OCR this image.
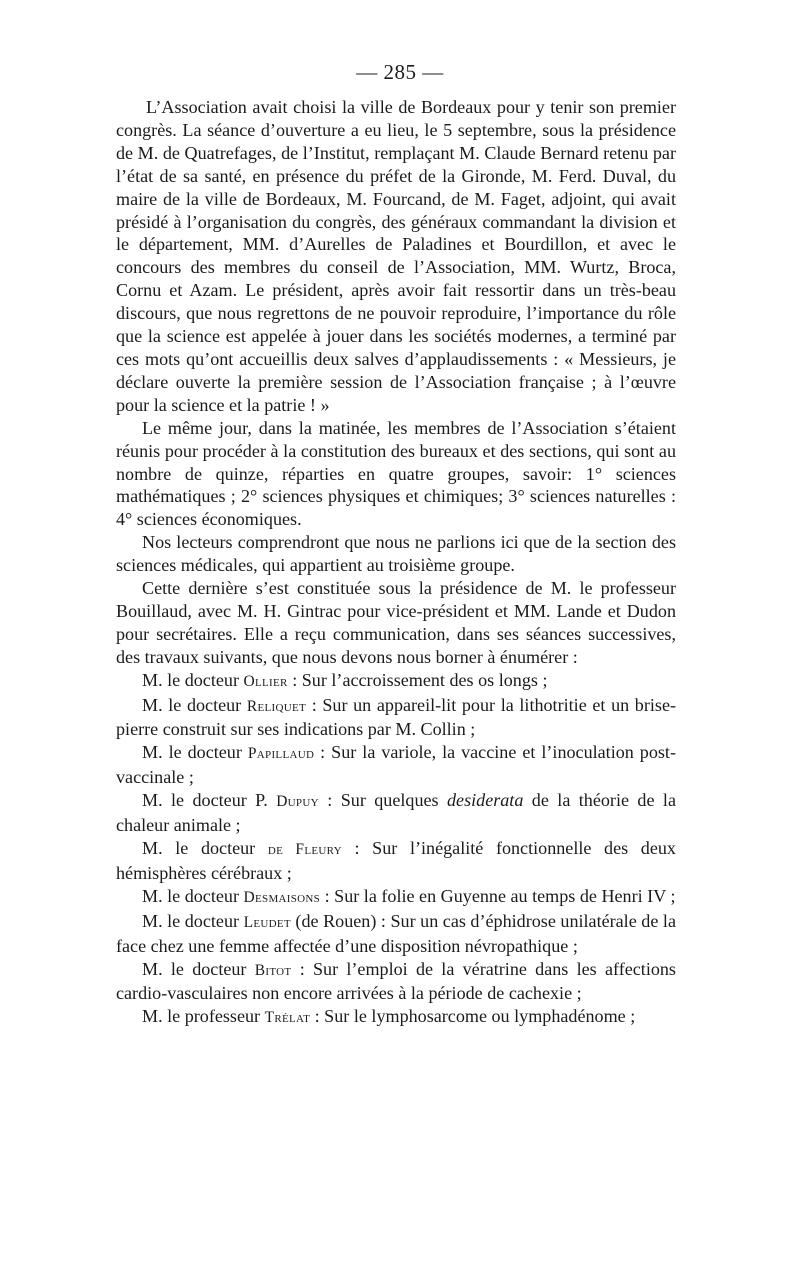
— 285 —

L’Association avait choisi la ville de Bordeaux pour y tenir son premier congrès. La séance d’ouverture a eu lieu, le 5 septembre, sous la présidence de M. de Quatrefages, de l’Institut, remplaçant M. Claude Bernard retenu par l’état de sa santé, en présence du préfet de la Gironde, M. Ferd. Duval, du maire de la ville de Bordeaux, M. Fourcand, de M. Faget, adjoint, qui avait présidé à l’organisation du congrès, des généraux commandant la division et le département, MM. d’Aurelles de Paladines et Bourdillon, et avec le concours des membres du conseil de l’Association, MM. Wurtz, Broca, Cornu et Azam. Le président, après avoir fait ressortir dans un très-beau discours, que nous regrettons de ne pouvoir reproduire, l’importance du rôle que la science est appelée à jouer dans les sociétés modernes, a terminé par ces mots qu’ont accueillis deux salves d’applaudissements : « Messieurs, je déclare ouverte la première session de l’Association française ; à l’œuvre pour la science et la patrie ! »

Le même jour, dans la matinée, les membres de l’Association s’étaient réunis pour procéder à la constitution des bureaux et des sections, qui sont au nombre de quinze, réparties en quatre groupes, savoir: 1° sciences mathématiques ; 2° sciences physiques et chimiques; 3° sciences naturelles : 4° sciences économiques.

Nos lecteurs comprendront que nous ne parlions ici que de la section des sciences médicales, qui appartient au troisième groupe.

Cette dernière s’est constituée sous la présidence de M. le professeur Bouillaud, avec M. H. Gintrac pour vice-président et MM. Lande et Dudon pour secrétaires. Elle a reçu communication, dans ses séances successives, des travaux suivants, que nous devons nous borner à énumérer :

M. le docteur Ollier : Sur l’accroissement des os longs ;

M. le docteur Reliquet : Sur un appareil-lit pour la lithotritie et un brise-pierre construit sur ses indications par M. Collin ;

M. le docteur Papillaud : Sur la variole, la vaccine et l’inoculation post-vaccinale ;

M. le docteur P. Dupuy : Sur quelques desiderata de la théorie de la chaleur animale ;

M. le docteur de Fleury : Sur l’inégalité fonctionnelle des deux hémisphères cérébraux ;

M. le docteur Desmaisons : Sur la folie en Guyenne au temps de Henri IV ;

M. le docteur Leudet (de Rouen) : Sur un cas d’éphidrose unilatérale de la face chez une femme affectée d’une disposition névropathique ;

M. le docteur Bitot : Sur l’emploi de la vératrine dans les affections cardio-vasculaires non encore arrivées à la période de cachexie ;

M. le professeur Trélat : Sur le lymphosarcome ou lymphadénome ;
